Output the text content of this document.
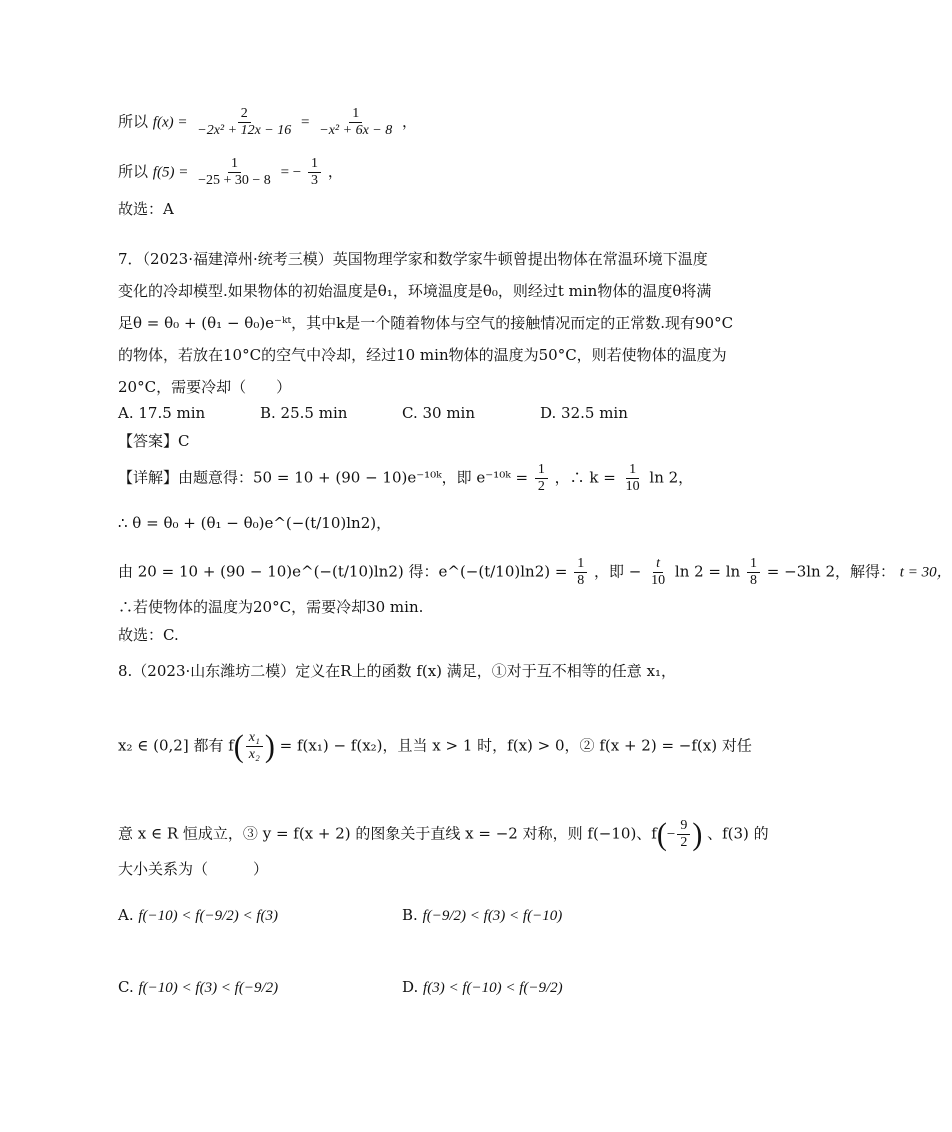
所以 $f(x) = \frac{2}{\text{−2x² + 12x − 16}} = \frac{1}{\text{−x² + 6x − 8}}$ ，
所以 $f(5) = \frac{1}{-25 + 30 - 8}$ = − $\frac{1}{3}$ ，
故选：A
7．（2023·福建漳州·统考三模）英国物理学家和数学家牛顿曾提出物体在常温环境下温度
变化的冷却模型.如果物体的初始温度是θ₁，环境温度是θ₀，则经过t min物体的温度θ将满
足θ = θ₀ + (θ₁ − θ₀)e⁻ᵏᵗ，其中k是一个随着物体与空气的接触情况而定的正常数.现有90°C
的物体，若放在10°C的空气中冷却，经过10 min物体的温度为50°C，则若使物体的温度为
20°C，需要冷却（　　）
A. 17.5 min	B. 25.5 min	C. 30 min	D. 32.5 min
【答案】C
【详解】由题意得：50 = 10 + (90 − 10)e⁻¹⁰ᵏ，即 e⁻¹⁰ᵏ = $\frac{1}{2}$ ，∴ $k = \frac{1}{10}$ ln 2，
∴ θ = θ₀ + (θ₁ − θ₀)e^(−(t/10)ln2)，
由 20 = 10 + (90 − 10)e^(−(t/10)ln2) 得：e^(−(t/10)ln2) = $\frac{1}{8}$ ，即 − $\frac{t}{10}$ $\ln 2 = \ln \frac{1}{8} = -3\ln$ 2，解得： t = 30，
∴若使物体的温度为20°C，需要冷却30 min.
故选：C.
8.（2023·山东潍坊二模）定义在R上的函数 f(x) 满足，①对于互不相等的任意 x₁，
x₂ ∈ (0,2] 都有 $f( \frac{\text{x₁}}{\text{x₂}}$ ) = f(x₁) − f(x₂)，且当 x > 1 时，f(x) > 0，② f(x + 2) = −f(x) 对任
意 x ∈ R 恒成立，③ y = f(x + 2) 的图象关于直线 x = −2 对称，则 f(−10)、$f(- \frac{9}{2}$ ) 、f(3) 的
大小关系为（　　　）
A. f(−10) < f(−9/2) < f(3)	B. f(−9/2) < f(3) < f(−10)
C. f(−10) < f(3) < f(−9/2)	D. f(3) < f(−10) < f(−9/2)
